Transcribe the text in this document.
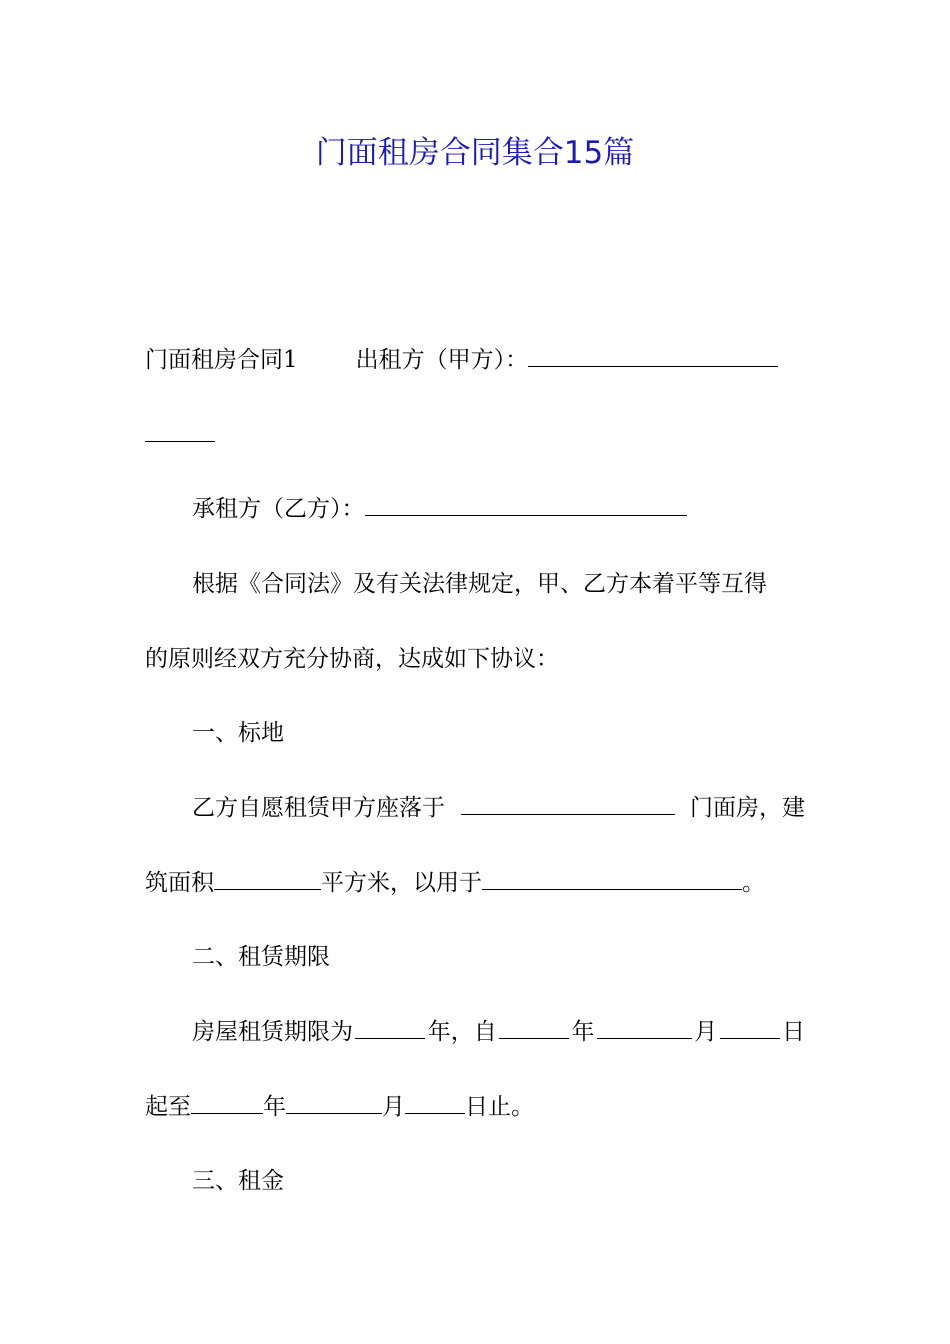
门面租房合同集合15篇
门面租房合同1	出租方（甲方）：
承租方（乙方）：
根据《合同法》及有关法律规定，甲、乙方本着平等互得
的原则经双方充分协商，达成如下协议：
一、标地
乙方自愿租赁甲方座落于	门面房，建
筑面积	平方米，以用于	。
二、租赁期限
房屋租赁期限为	年，自	年	月	日
起至	年	月	日止。
三、租金
